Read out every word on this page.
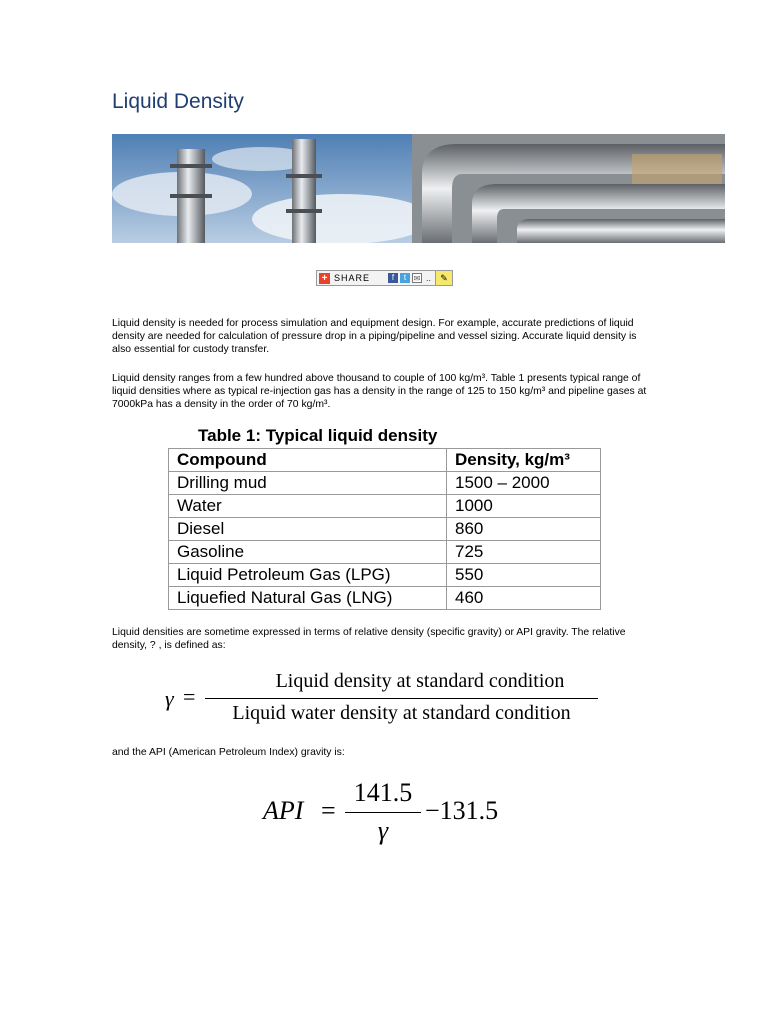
Liquid Density
+ SHARE	f	t ✉ ..	✎

Liquid density is needed for process simulation and equipment design. For example, accurate predictions of liquid density are needed for calculation of pressure drop in a piping/pipeline and vessel sizing. Accurate liquid density is also essential for custody transfer.

Liquid density ranges from a few hundred above thousand to couple of 100 kg/m³. Table 1 presents typical range of liquid densities where as typical re-injection gas has a density in the range of 125 to 150 kg/m³ and pipeline gases at 7000kPa has a density in the order of 70 kg/m³.

Table 1: Typical liquid density

Compound	Density, kg/m³
Drilling mud	1500 – 2000
Water	1000
Diesel	860
Gasoline	725
Liquid Petroleum Gas (LPG)	550
Liquefied Natural Gas (LNG)	460

Liquid densities are sometime expressed in terms of relative density (specific gravity) or API gravity. The relative density, ? , is defined as:

γ =
Liquid density at standard condition
Liquid water density at standard condition

and the API (American Petroleum Index) gravity is:

API =
141.5
γ
−131.5
